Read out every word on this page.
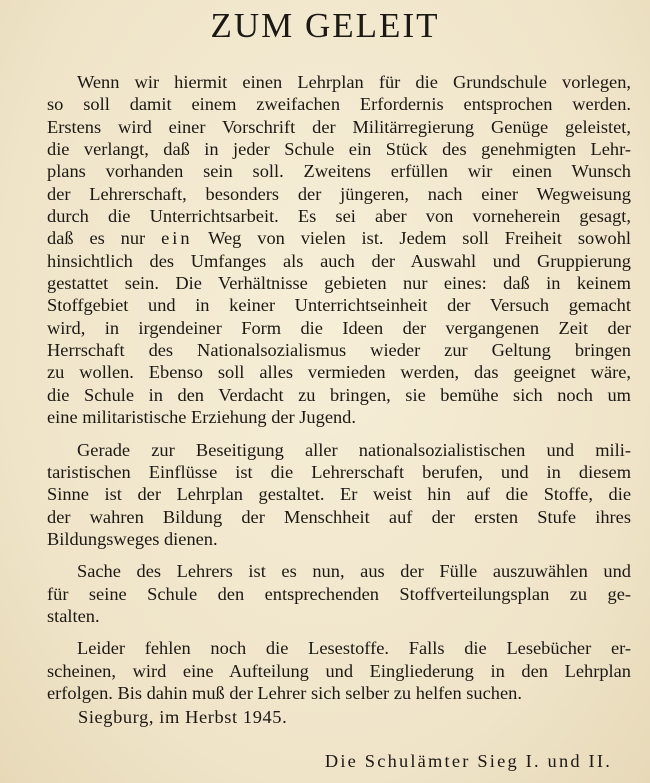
ZUM GELEIT
Wenn wir hiermit einen Lehrplan für die Grundschule vorlegen,
so soll damit einem zweifachen Erfordernis entsprochen werden.
Erstens wird einer Vorschrift der Militärregierung Genüge geleistet,
die verlangt, daß in jeder Schule ein Stück des genehmigten Lehr-
plans vorhanden sein soll. Zweitens erfüllen wir einen Wunsch
der Lehrerschaft, besonders der jüngeren, nach einer Wegweisung
durch die Unterrichtsarbeit. Es sei aber von vorneherein gesagt,
daß es nur ein Weg von vielen ist. Jedem soll Freiheit sowohl
hinsichtlich des Umfanges als auch der Auswahl und Gruppierung
gestattet sein. Die Verhältnisse gebieten nur eines: daß in keinem
Stoffgebiet und in keiner Unterrichtseinheit der Versuch gemacht
wird, in irgendeiner Form die Ideen der vergangenen Zeit der
Herrschaft des Nationalsozialismus wieder zur Geltung bringen
zu wollen. Ebenso soll alles vermieden werden, das geeignet wäre,
die Schule in den Verdacht zu bringen, sie bemühe sich noch um
eine militaristische Erziehung der Jugend.
Gerade zur Beseitigung aller nationalsozialistischen und mili-
taristischen Einflüsse ist die Lehrerschaft berufen, und in diesem
Sinne ist der Lehrplan gestaltet. Er weist hin auf die Stoffe, die
der wahren Bildung der Menschheit auf der ersten Stufe ihres
Bildungsweges dienen.
Sache des Lehrers ist es nun, aus der Fülle auszuwählen und
für seine Schule den entsprechenden Stoffverteilungsplan zu ge-
stalten.
Leider fehlen noch die Lesestoffe. Falls die Lesebücher er-
scheinen, wird eine Aufteilung und Eingliederung in den Lehrplan
erfolgen. Bis dahin muß der Lehrer sich selber zu helfen suchen.

Siegburg, im Herbst 1945.

Die Schulämter Sieg I. und II.
